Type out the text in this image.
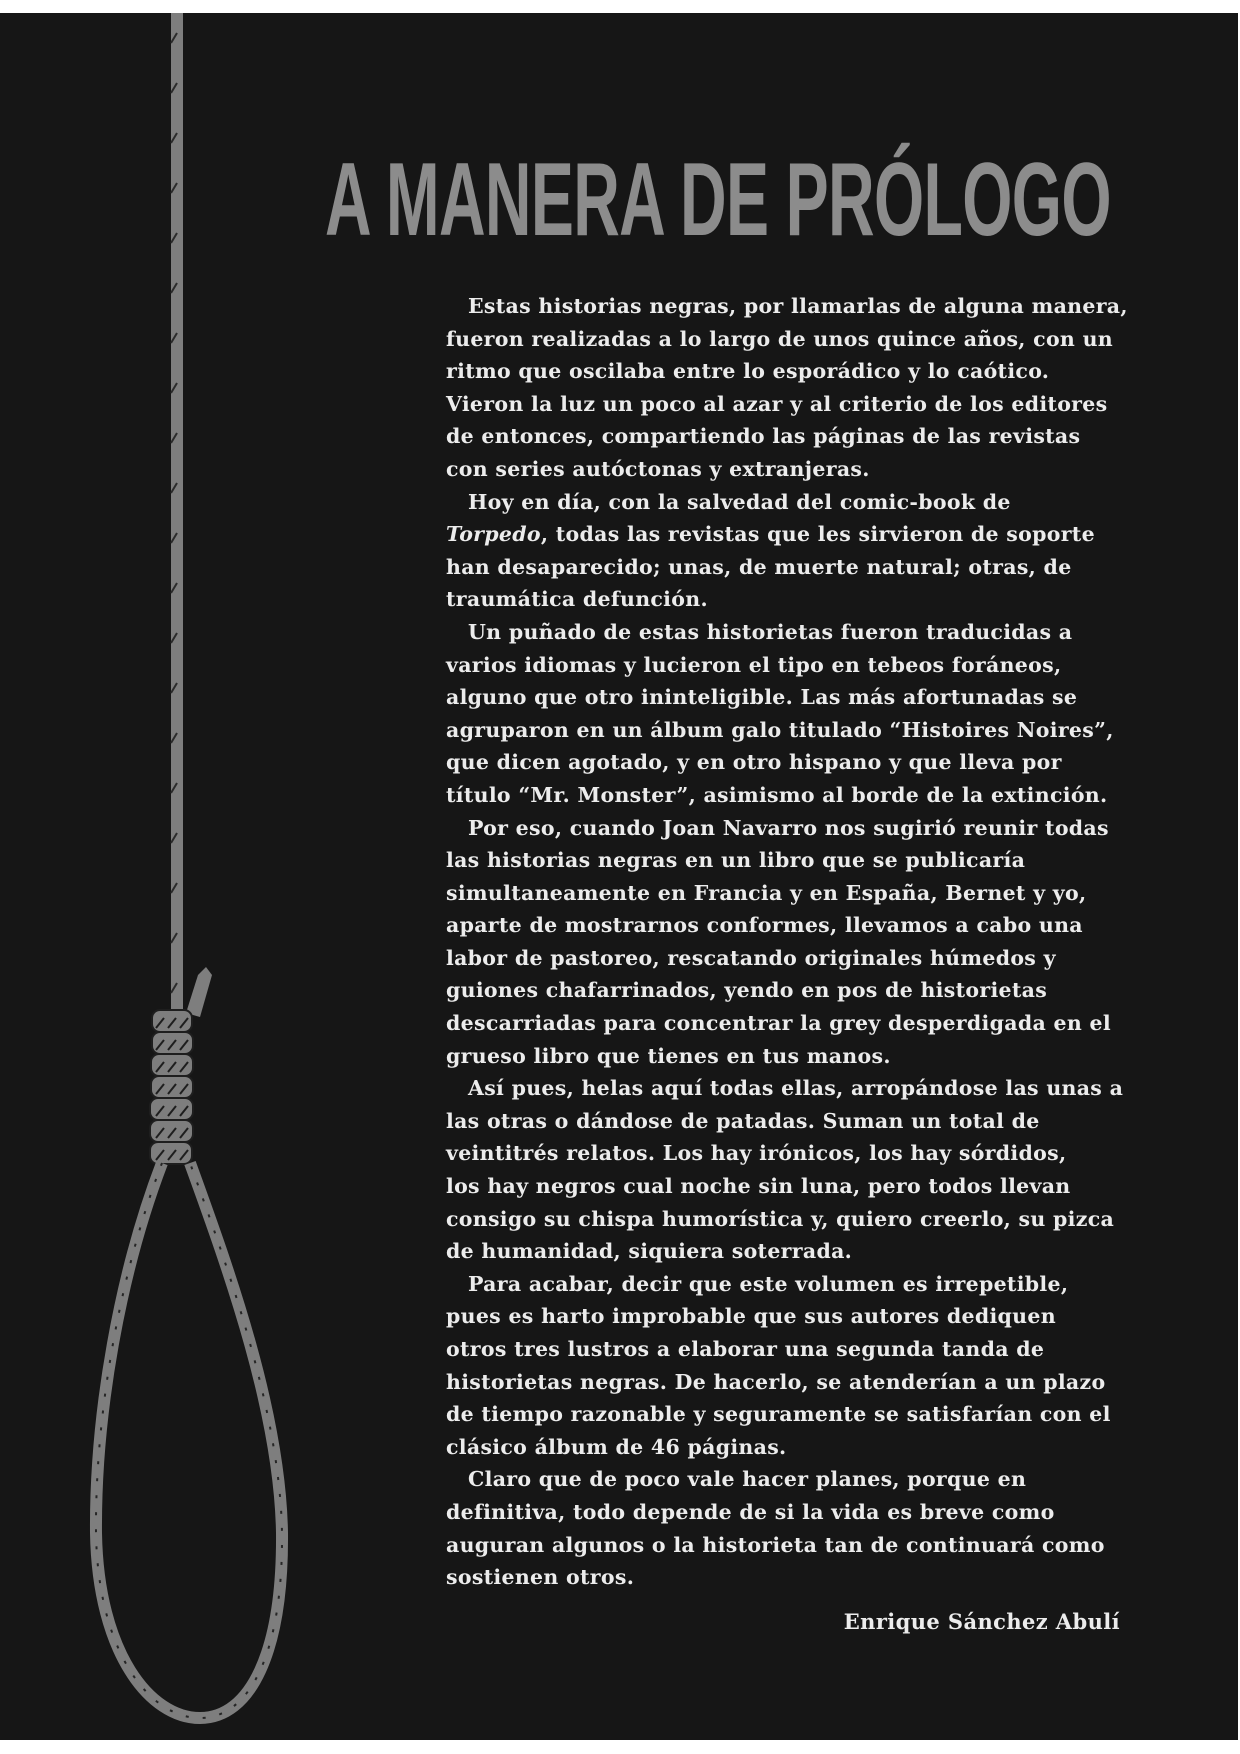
A MANERA DE PRÓLOGO

Estas historias negras, por llamarlas de alguna manera,
fueron realizadas a lo largo de unos quince años, con un
ritmo que oscilaba entre lo esporádico y lo caótico.
Vieron la luz un poco al azar y al criterio de los editores
de entonces, compartiendo las páginas de las revistas
con series autóctonas y extranjeras.

Hoy en día, con la salvedad del comic-book de
Torpedo, todas las revistas que les sirvieron de soporte
han desaparecido; unas, de muerte natural; otras, de
traumática defunción.

Un puñado de estas historietas fueron traducidas a
varios idiomas y lucieron el tipo en tebeos foráneos,
alguno que otro ininteligible. Las más afortunadas se
agruparon en un álbum galo titulado “Histoires Noires”,
que dicen agotado, y en otro hispano y que lleva por
título “Mr. Monster”, asimismo al borde de la extinción.

Por eso, cuando Joan Navarro nos sugirió reunir todas
las historias negras en un libro que se publicaría
simultaneamente en Francia y en España, Bernet y yo,
aparte de mostrarnos conformes, llevamos a cabo una
labor de pastoreo, rescatando originales húmedos y
guiones chafarrinados, yendo en pos de historietas
descarriadas para concentrar la grey desperdigada en el
grueso libro que tienes en tus manos.

Así pues, helas aquí todas ellas, arropándose las unas a
las otras o dándose de patadas. Suman un total de
veintitrés relatos. Los hay irónicos, los hay sórdidos,
los hay negros cual noche sin luna, pero todos llevan
consigo su chispa humorística y, quiero creerlo, su pizca
de humanidad, siquiera soterrada.

Para acabar, decir que este volumen es irrepetible,
pues es harto improbable que sus autores dediquen
otros tres lustros a elaborar una segunda tanda de
historietas negras. De hacerlo, se atenderían a un plazo
de tiempo razonable y seguramente se satisfarían con el
clásico álbum de 46 páginas.

Claro que de poco vale hacer planes, porque en
definitiva, todo depende de si la vida es breve como
auguran algunos o la historieta tan de continuará como
sostienen otros.

Enrique Sánchez Abulí
